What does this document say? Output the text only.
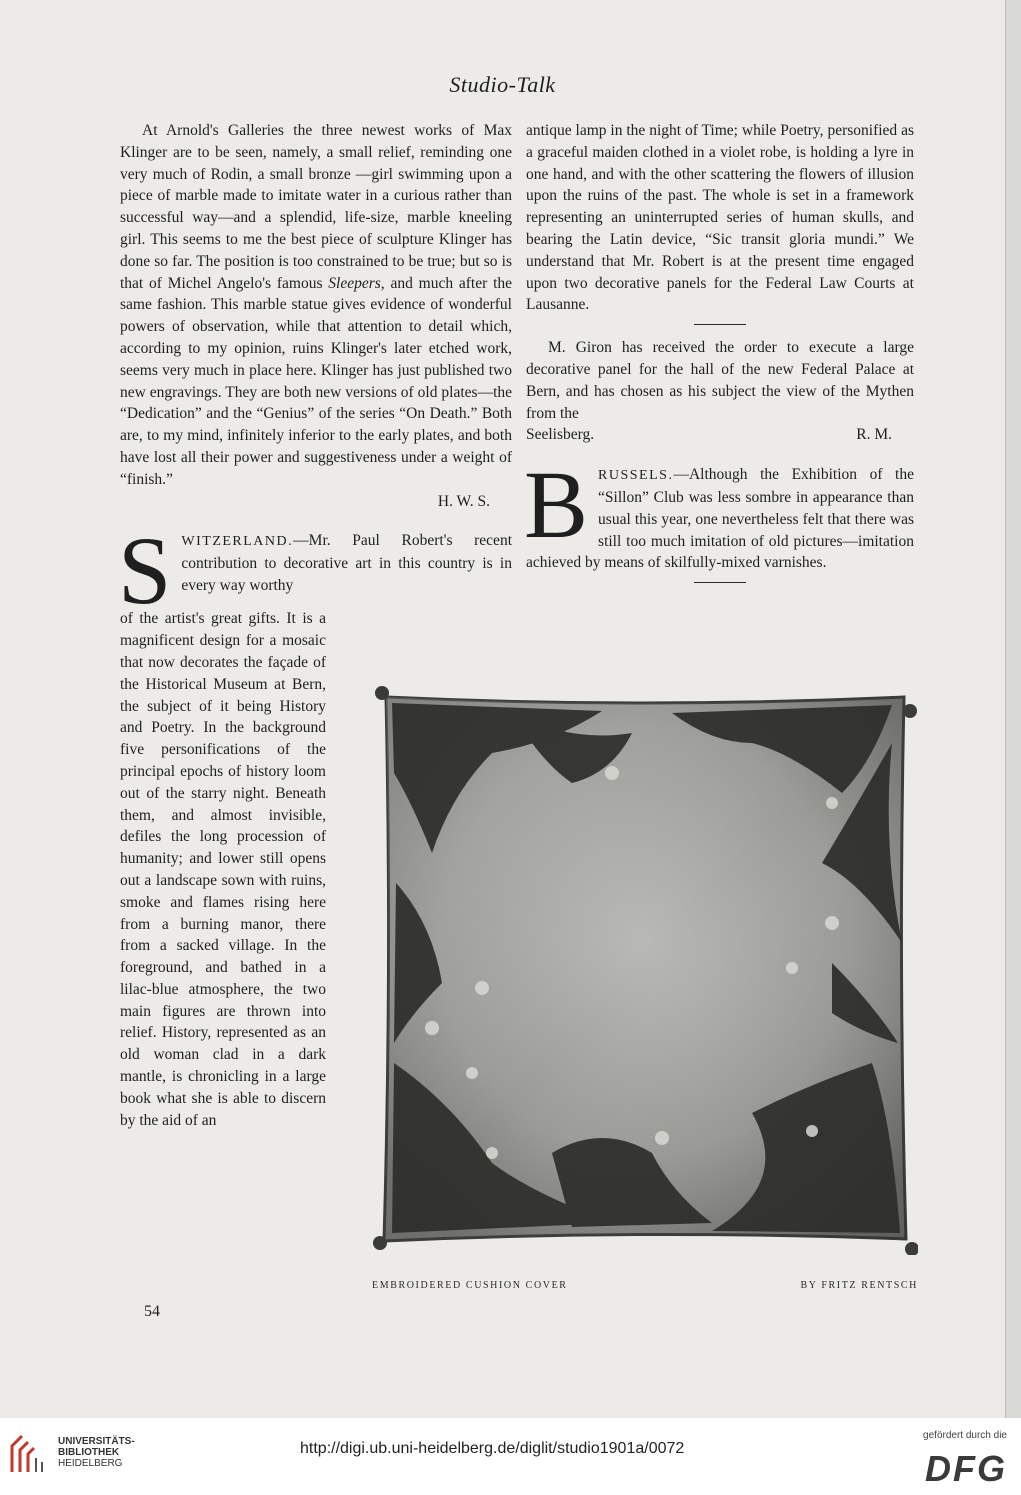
Studio-Talk

At Arnold's Galleries the three newest works of Max Klinger are to be seen, namely, a small relief, reminding one very much of Rodin, a small bronze —girl swimming upon a piece of marble made to imitate water in a curious rather than successful way—and a splendid, life-size, marble kneeling girl. This seems to me the best piece of sculpture Klinger has done so far. The position is too constrained to be true; but so is that of Michel Angelo's famous Sleepers, and much after the same fashion. This marble statue gives evidence of wonderful powers of observation, while that attention to detail which, according to my opinion, ruins Klinger's later etched work, seems very much in place here. Klinger has just published two new engravings. They are both new versions of old plates—the “Dedication” and the “Genius” of the series “On Death.” Both are, to my mind, infinitely inferior to the early plates, and both have lost all their power and suggestiveness under a weight of “finish.”

H. W. S.

SWITZERLAND.—Mr. Paul Robert's recent contribution to decorative art in this country is in every way worthy

of the artist's great gifts. It is a magnificent design for a mosaic that now decorates the façade of the Historical Museum at Bern, the subject of it being History and Poetry. In the background five personifications of the principal epochs of history loom out of the starry night. Beneath them, and almost invisible, defiles the long procession of humanity; and lower still opens out a landscape sown with ruins, smoke and flames rising here from a burning manor, there from a sacked village. In the foreground, and bathed in a lilac-blue atmosphere, the two main figures are thrown into relief. History, represented as an old woman clad in a dark mantle, is chronicling in a large book what she is able to discern by the aid of an

antique lamp in the night of Time; while Poetry, personified as a graceful maiden clothed in a violet robe, is holding a lyre in one hand, and with the other scattering the flowers of illusion upon the ruins of the past. The whole is set in a framework representing an uninterrupted series of human skulls, and bearing the Latin device, “Sic transit gloria mundi.” We understand that Mr. Robert is at the present time engaged upon two decorative panels for the Federal Law Courts at Lausanne.

M. Giron has received the order to execute a large decorative panel for the hall of the new Federal Palace at Bern, and has chosen as his subject the view of the Mythen from the

Seelisberg.	R. M.

BRUSSELS.—Although the Exhibition of the “Sillon” Club was less sombre in appearance than usual this year, one nevertheless felt that there was still too much imitation of old pictures—imitation achieved by means of skilfully-mixed varnishes.

EMBROIDERED CUSHION COVER	BY FRITZ RENTSCH
54
UNIVERSITÄTS-
BIBLIOTHEK
HEIDELBERG
http://digi.ub.uni-heidelberg.de/diglit/studio1901a/0072
gefördert durch die
DFG
